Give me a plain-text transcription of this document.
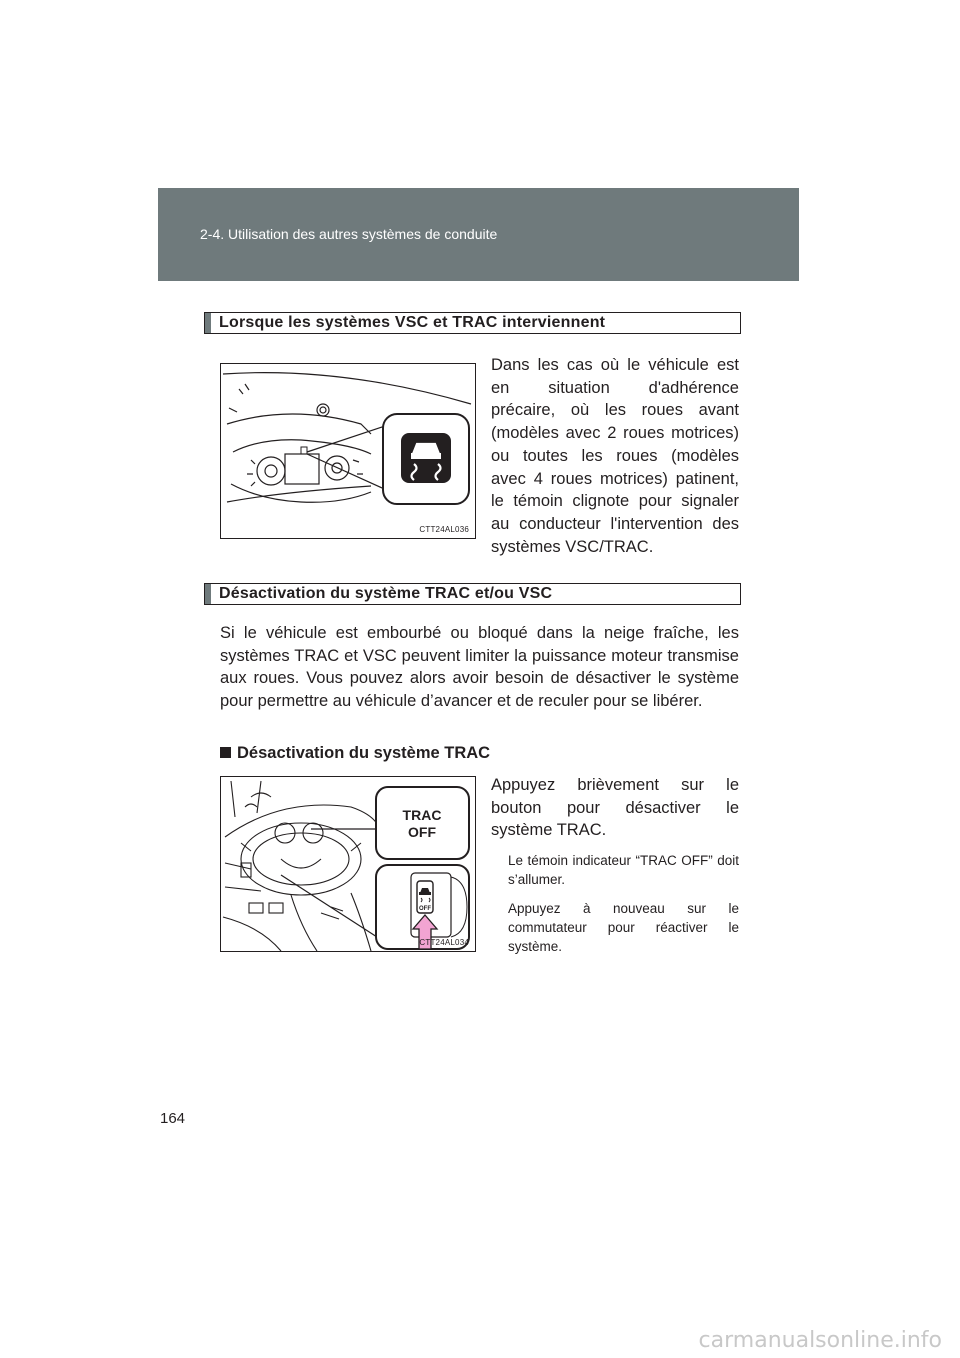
2-4. Utilisation des autres systèmes de conduite
Lorsque les systèmes VSC et TRAC interviennent
CTT24AL036
Dans les cas où le véhicule est en situation d'adhérence précaire, où les roues avant (modèles avec 2 roues motrices) ou toutes les roues (modèles avec 4 roues motrices) patinent, le témoin clignote pour signaler au conducteur l'intervention des systèmes VSC/TRAC.
Désactivation du système TRAC et/ou VSC
Si le véhicule est embourbé ou bloqué dans la neige fraîche, les systèmes TRAC et VSC peuvent limiter la puissance moteur transmise aux roues. Vous pouvez alors avoir besoin de désactiver le système pour permettre au véhicule d’avancer et de reculer pour se libérer.
Désactivation du système TRAC
TRAC
OFF
OFF
CTT24AL034
Appuyez brièvement sur le bouton pour désactiver le système TRAC.
Le témoin indicateur “TRAC OFF” doit s’allumer.
Appuyez à nouveau sur le commutateur pour réactiver le système.
164
carmanualsonline.info
